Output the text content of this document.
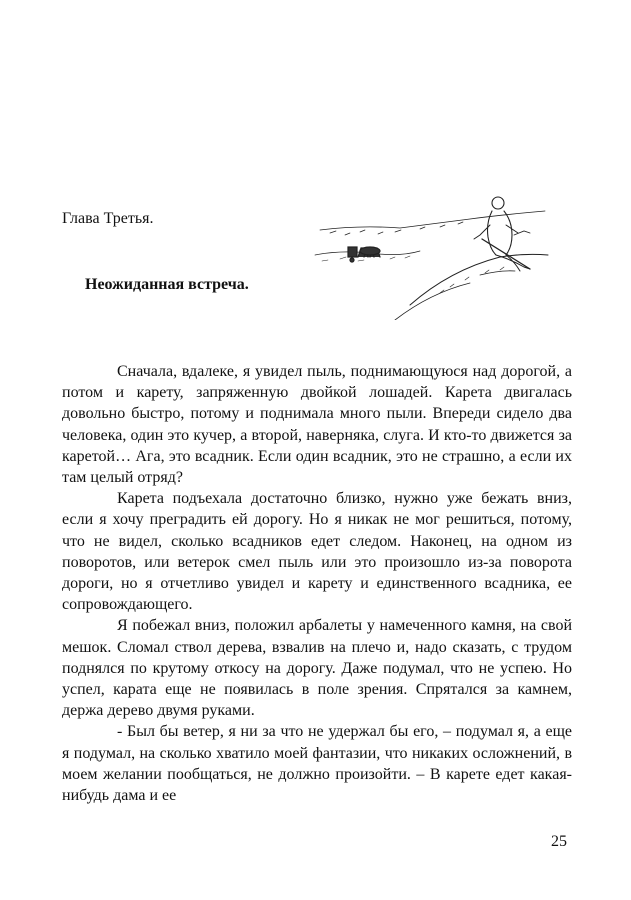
Глава Третья.
Неожиданная встреча.

Сначала, вдалеке, я увидел пыль, поднимающуюся над дорогой, а потом и карету, запряженную двойкой лошадей. Карета двигалась довольно быстро, потому и поднимала много пыли. Впереди сидело два человека, один это кучер, а второй, наверняка, слуга. И кто-то движется за каретой… Ага, это всадник. Если один всадник, это не страшно, а если их там целый отряд?

Карета подъехала достаточно близко, нужно уже бежать вниз, если я хочу преградить ей дорогу. Но я никак не мог решиться, потому, что не видел, сколько всадников едет следом. Наконец, на одном из поворотов, или ветерок смел пыль или это произошло из-за поворота дороги, но я отчетливо увидел и карету и единственного всадника, ее сопровождающего.

Я побежал вниз, положил арбалеты у намеченного камня, на свой мешок. Сломал ствол дерева, взвалив на плечо и, надо сказать, с трудом поднялся по крутому откосу на дорогу. Даже подумал, что не успею. Но успел, карата еще не появилась в поле зрения. Спрятался за камнем, держа дерево двумя руками.

- Был бы ветер, я ни за что не удержал бы его, – подумал я, а еще я подумал, на сколько хватило моей фантазии, что никаких осложнений, в моем желании пообщаться, не должно произойти. – В карете едет какая-нибудь дама и ее

25
